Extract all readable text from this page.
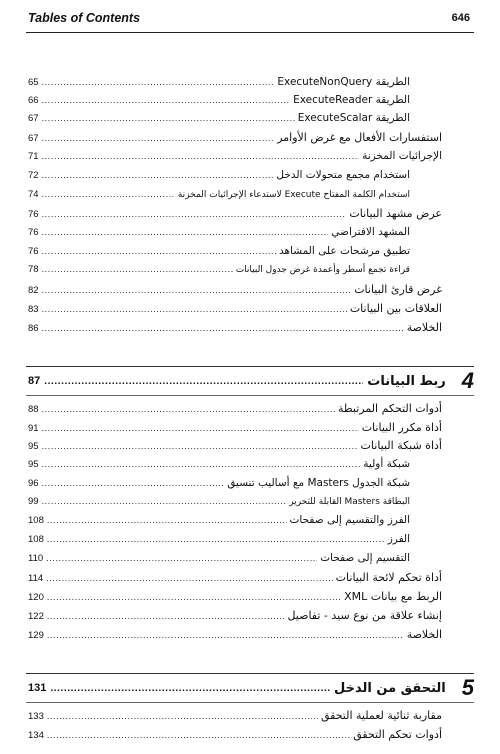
Tables of Contents	646
65 .....	الطريقة ExecuteNonQuery
66 .....	الطريقة ExecuteReader
67 .....	الطريقة ExecuteScalar
67 .....	استفسارات الأفعال مع غرض الأوامر
71 .....	الإجرائيات المخزنة
72 .....	استخدام مجمع متحولات الدخل
74 .....	استخدام الكلمة المفتاح Execute لاستدعاء الإجرائيات المخزنة
76 .....	عرض مشهد البيانات
76 .....	المشهد الافتراضي
76 .....	تطبيق مرشحات على المشاهد
78 .....	قراءة تجمع أسطر وأعمدة غرض جدول البيانات
82 .....	غرض قارئ البيانات
83 .....	العلاقات بين البيانات
86 .....	الخلاصة
87 .....	ربط البيانات 4
88 .....	أدوات التحكم المرتبطة
91 .....	أداة مكرر البيانات
95 .....	أداة شبكة البيانات
95 .....	شبكة أولية
96 .....	شبكة الجدول Masters مع أساليب تنسيق
99 .....	البطاقة Masters القابلة للتحرير
108 .....	الفرز والتقسيم إلى صفحات
108 .....	الفرز
110 .....	التقسيم إلى صفحات
114 .....	أداة تحكم لائحة البيانات
120 .....	الربط مع بيانات XML
122 .....	إنشاء علاقة من نوع سيد - تفاصيل
129 .....	الخلاصة
131 .....	التحقق من الدخل 5
133 .....	مقاربة ثنائية لعملية التحقق
134 .....	أدوات تحكم التحقق
